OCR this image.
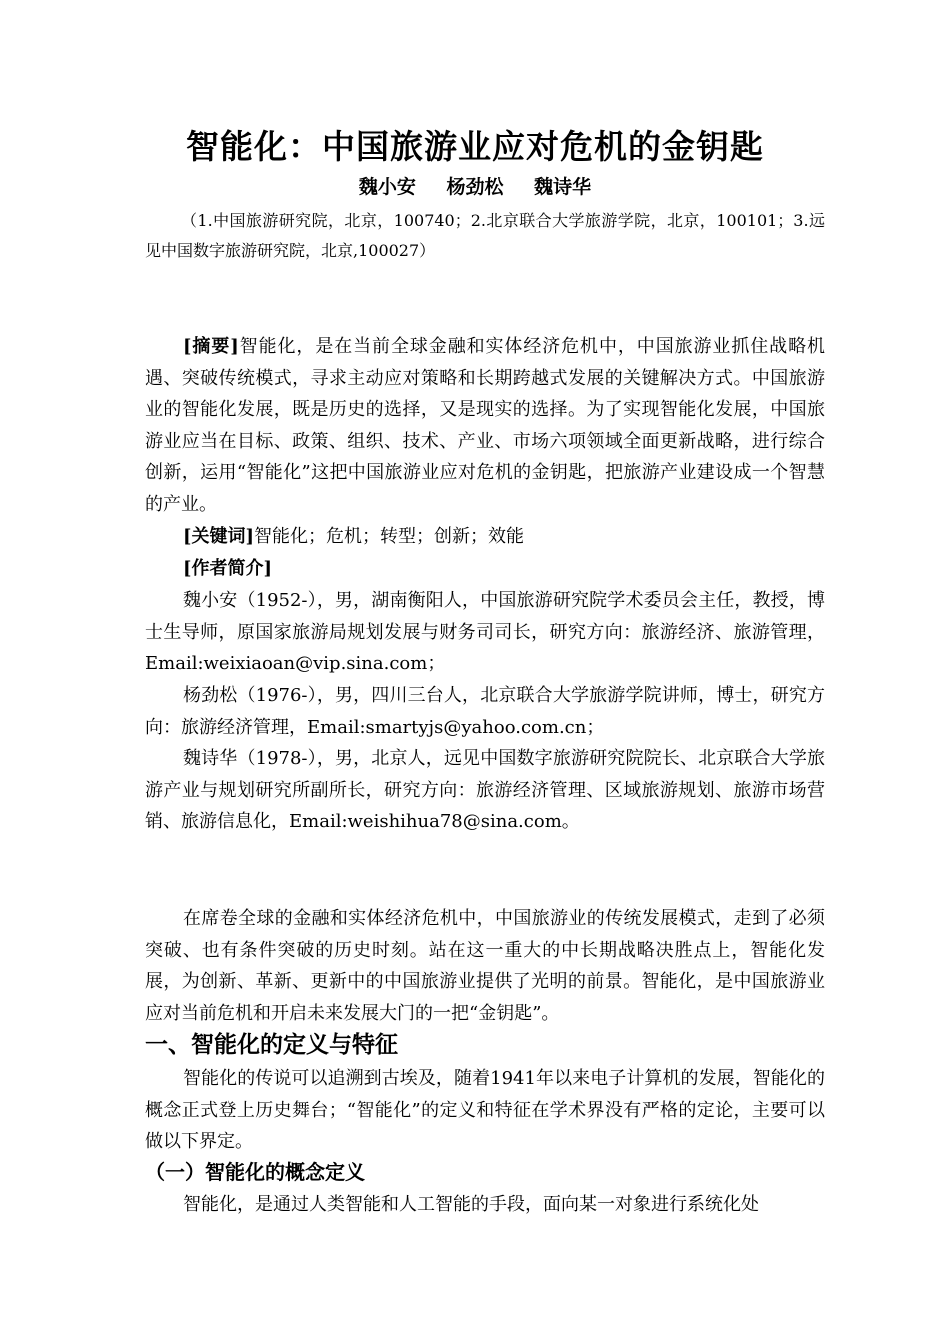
智能化：中国旅游业应对危机的金钥匙
魏小安 杨劲松 魏诗华
（1.中国旅游研究院，北京，100740；2.北京联合大学旅游学院，北京，100101；3.远见中国数字旅游研究院，北京,100027）
[摘要]智能化，是在当前全球金融和实体经济危机中，中国旅游业抓住战略机遇、突破传统模式，寻求主动应对策略和长期跨越式发展的关键解决方式。中国旅游业的智能化发展，既是历史的选择，又是现实的选择。为了实现智能化发展，中国旅游业应当在目标、政策、组织、技术、产业、市场六项领域全面更新战略，进行综合创新，运用“智能化”这把中国旅游业应对危机的金钥匙，把旅游产业建设成一个智慧的产业。
[关键词]智能化；危机；转型；创新；效能
[作者简介]
魏小安（1952-），男，湖南衡阳人，中国旅游研究院学术委员会主任，教授，博士生导师，原国家旅游局规划发展与财务司司长，研究方向：旅游经济、旅游管理，Email:weixiaoan@vip.sina.com；
杨劲松（1976-），男，四川三台人，北京联合大学旅游学院讲师，博士，研究方向：旅游经济管理，Email:smartyjs@yahoo.com.cn；
魏诗华（1978-），男，北京人，远见中国数字旅游研究院院长、北京联合大学旅游产业与规划研究所副所长，研究方向：旅游经济管理、区域旅游规划、旅游市场营销、旅游信息化，Email:weishihua78@sina.com。
在席卷全球的金融和实体经济危机中，中国旅游业的传统发展模式，走到了必须突破、也有条件突破的历史时刻。站在这一重大的中长期战略决胜点上，智能化发展，为创新、革新、更新中的中国旅游业提供了光明的前景。智能化，是中国旅游业应对当前危机和开启未来发展大门的一把“金钥匙”。
一、智能化的定义与特征
智能化的传说可以追溯到古埃及，随着1941年以来电子计算机的发展，智能化的概念正式登上历史舞台；“智能化”的定义和特征在学术界没有严格的定论，主要可以做以下界定。
（一）智能化的概念定义
智能化，是通过人类智能和人工智能的手段，面向某一对象进行系统化处
